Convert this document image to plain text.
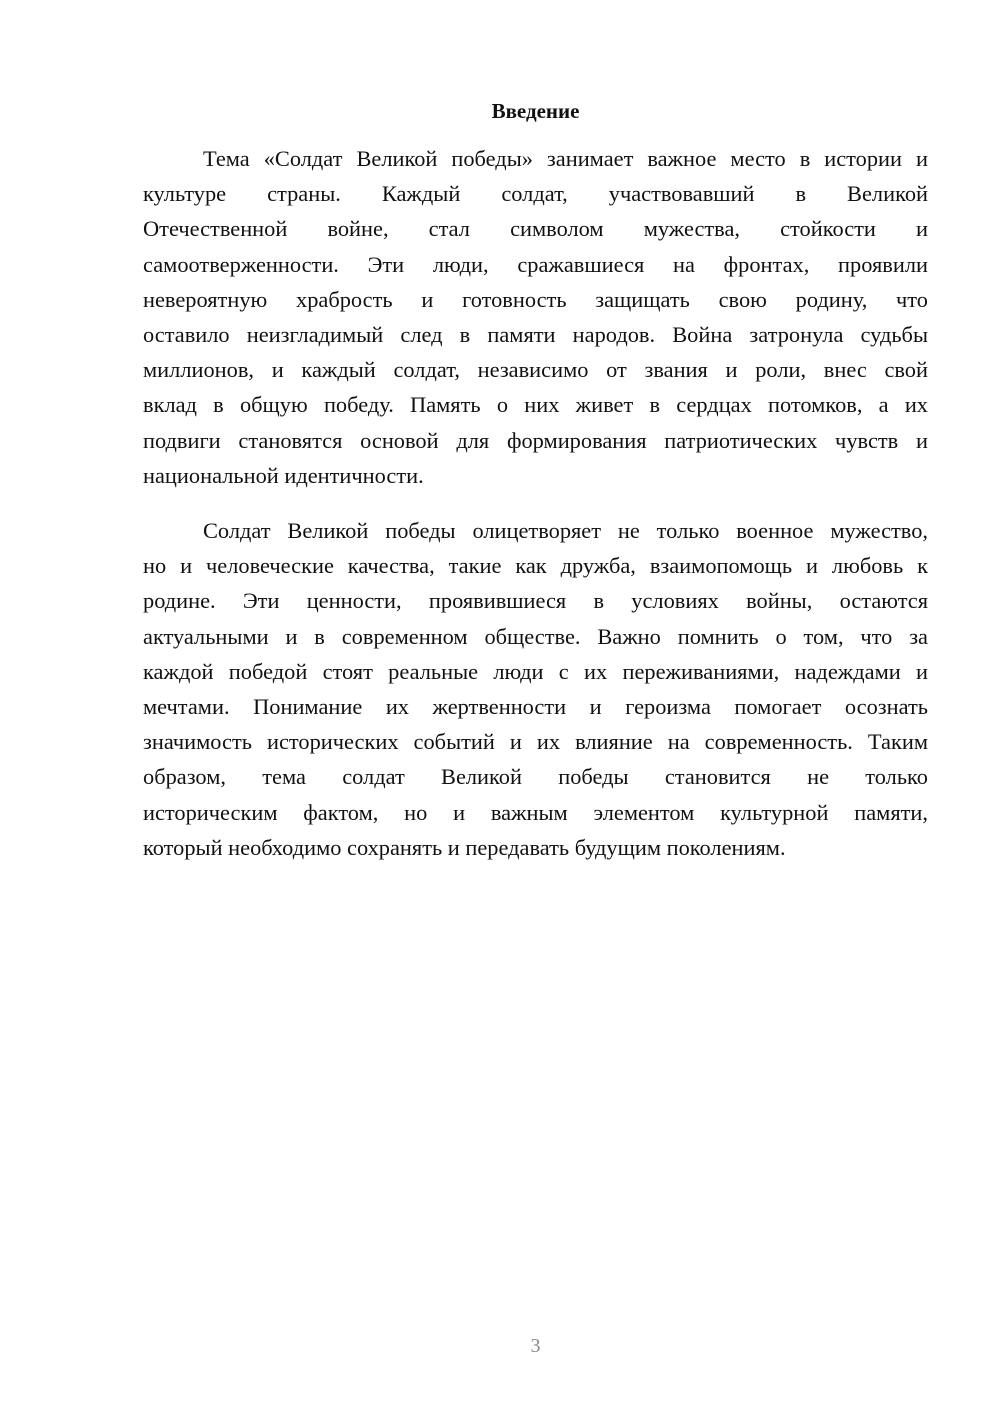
Введение

Тема «Солдат Великой победы» занимает важное место в истории и
культуре страны. Каждый солдат, участвовавший в Великой
Отечественной войне, стал символом мужества, стойкости и
самоотверженности. Эти люди, сражавшиеся на фронтах, проявили
невероятную храбрость и готовность защищать свою родину, что
оставило неизгладимый след в памяти народов. Война затронула судьбы
миллионов, и каждый солдат, независимо от звания и роли, внес свой
вклад в общую победу. Память о них живет в сердцах потомков, а их
подвиги становятся основой для формирования патриотических чувств и
национальной идентичности.

Солдат Великой победы олицетворяет не только военное мужество,
но и человеческие качества, такие как дружба, взаимопомощь и любовь к
родине. Эти ценности, проявившиеся в условиях войны, остаются
актуальными и в современном обществе. Важно помнить о том, что за
каждой победой стоят реальные люди с их переживаниями, надеждами и
мечтами. Понимание их жертвенности и героизма помогает осознать
значимость исторических событий и их влияние на современность. Таким
образом, тема солдат Великой победы становится не только
историческим фактом, но и важным элементом культурной памяти,
который необходимо сохранять и передавать будущим поколениям.

3
